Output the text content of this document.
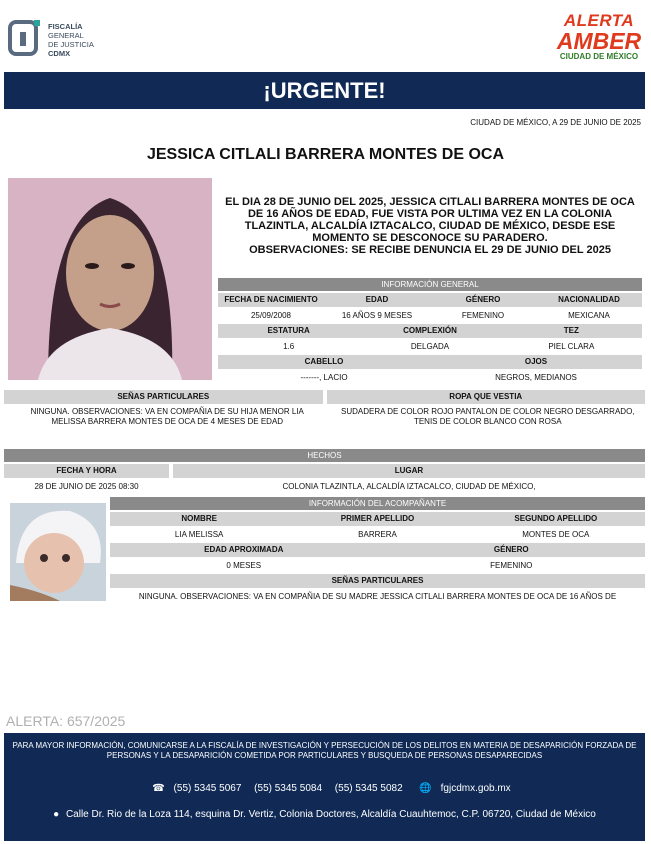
FISCALÍA
GENERAL
DE JUSTICIA
CDMX
ALERTA
AMBER
CIUDAD DE MÉXICO
¡URGENTE!
CIUDAD DE MÉXICO, A 29 DE JUNIO DE 2025
JESSICA CITLALI BARRERA MONTES DE OCA
EL DIA 28 DE JUNIO DEL 2025, JESSICA CITLALI BARRERA MONTES DE OCA DE 16 AÑOS DE EDAD, FUE VISTA POR ULTIMA VEZ EN LA COLONIA TLAZINTLA, ALCALDÍA IZTACALCO, CIUDAD DE MÉXICO, DESDE ESE MOMENTO SE DESCONOCE SU PARADERO.
OBSERVACIONES: SE RECIBE DENUNCIA EL 29 DE JUNIO DEL 2025
INFORMACIÓN GENERAL
FECHA DE NACIMIENTO	EDAD	GÉNERO	NACIONALIDAD
25/09/2008	16 AÑOS 9 MESES	FEMENINO	MEXICANA
ESTATURA	COMPLEXIÓN	TEZ
1.6	DELGADA	PIEL CLARA
CABELLO	OJOS
-------, LACIO	NEGROS, MEDIANOS
SEÑAS PARTICULARES	ROPA QUE VESTIA
NINGUNA. OBSERVACIONES: VA EN COMPAÑIA DE SU HIJA MENOR LIA MELISSA BARRERA MONTES DE OCA DE 4 MESES DE EDAD
SUDADERA DE COLOR ROJO PANTALON DE COLOR NEGRO DESGARRADO, TENIS DE COLOR BLANCO CON ROSA
HECHOS
FECHA Y HORA	LUGAR
28 DE JUNIO DE 2025 08:30	COLONIA TLAZINTLA, ALCALDÍA IZTACALCO, CIUDAD DE MÉXICO,
INFORMACIÓN DEL ACOMPAÑANTE
NOMBRE	PRIMER APELLIDO	SEGUNDO APELLIDO
LIA MELISSA	BARRERA	MONTES DE OCA
EDAD APROXIMADA	GÉNERO
0 MESES	FEMENINO
SEÑAS PARTICULARES
NINGUNA. OBSERVACIONES: VA EN COMPAÑIA DE SU MADRE JESSICA CITLALI BARRERA MONTES DE OCA DE 16 AÑOS DE
ALERTA: 657/2025
PARA MAYOR INFORMACIÓN, COMUNICARSE A LA FISCALÍA DE INVESTIGACIÓN Y PERSECUCIÓN DE LOS DELITOS EN MATERIA DE DESAPARICIÓN FORZADA DE PERSONAS Y LA DESAPARICIÓN COMETIDA POR PARTICULARES Y BUSQUEDA DE PERSONAS DESAPARECIDAS
☎ (55) 5345 5067 (55) 5345 5084 (55) 5345 5082 🌐 fgjcdmx.gob.mx
● Calle Dr. Rio de la Loza 114, esquina Dr. Vertiz, Colonia Doctores, Alcaldía Cuauhtemoc, C.P. 06720, Ciudad de México
